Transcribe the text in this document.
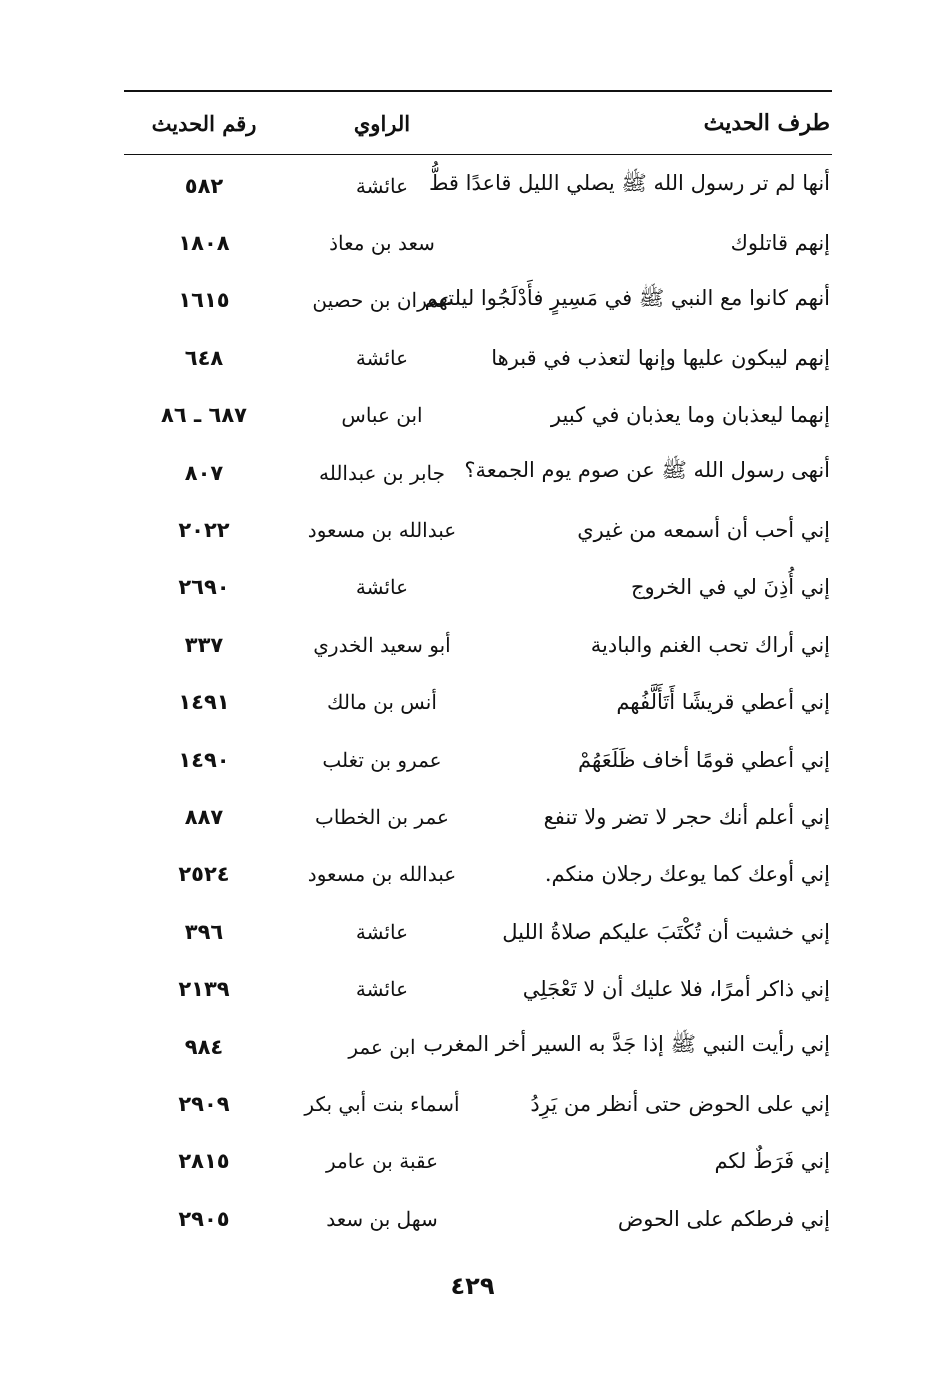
طرف الحديث
الراوي
رقم الحديث
أنها لم تر رسول الله ﷺ يصلي الليل قاعدًا قطُّ
عائشة
٥٨٢
إنهم قاتلوك
سعد بن معاذ
١٨٠٨
أنهم كانوا مع النبي ﷺ في مَسِيرٍ فأَدْلَجُوا ليلتهم
عمران بن حصين
١٦١٥
إنهم ليبكون عليها وإنها لتعذب في قبرها
عائشة
٦٤٨
إنهما ليعذبان وما يعذبان في كبير
ابن عباس
٦٨٧ ـ ٨٦
أنهى رسول الله ﷺ عن صوم يوم الجمعة؟
جابر بن عبدالله
٨٠٧
إني أحب أن أسمعه من غيري
عبدالله بن مسعود
٢٠٢٢
إني أُذِنَ لي في الخروج
عائشة
٢٦٩٠
إني أراك تحب الغنم والبادية
أبو سعيد الخدري
٣٣٧
إني أعطي قريشًا أَتَأَلَّفُهم
أنس بن مالك
١٤٩١
إني أعطي قومًا أخاف ظَلَعَهُمْ
عمرو بن تغلب
١٤٩٠
إني أعلم أنك حجر لا تضر ولا تنفع
عمر بن الخطاب
٨٨٧
إني أوعك كما يوعك رجلان منكم.
عبدالله بن مسعود
٢٥٢٤
إني خشيت أن تُكْتَبَ عليكم صلاةُ الليل
عائشة
٣٩٦
إني ذاكر أمرًا، فلا عليك أن لا تَعْجَلِي
عائشة
٢١٣٩
إني رأيت النبي ﷺ إذا جَدَّ به السير أخر المغرب
ابن عمر
٩٨٤
إني على الحوض حتى أنظر من يَرِدُ
أسماء بنت أبي بكر
٢٩٠٩
إني فَرَطٌ لكم
عقبة بن عامر
٢٨١٥
إني فرطكم على الحوض
سهل بن سعد
٢٩٠٥
٤٢٩
